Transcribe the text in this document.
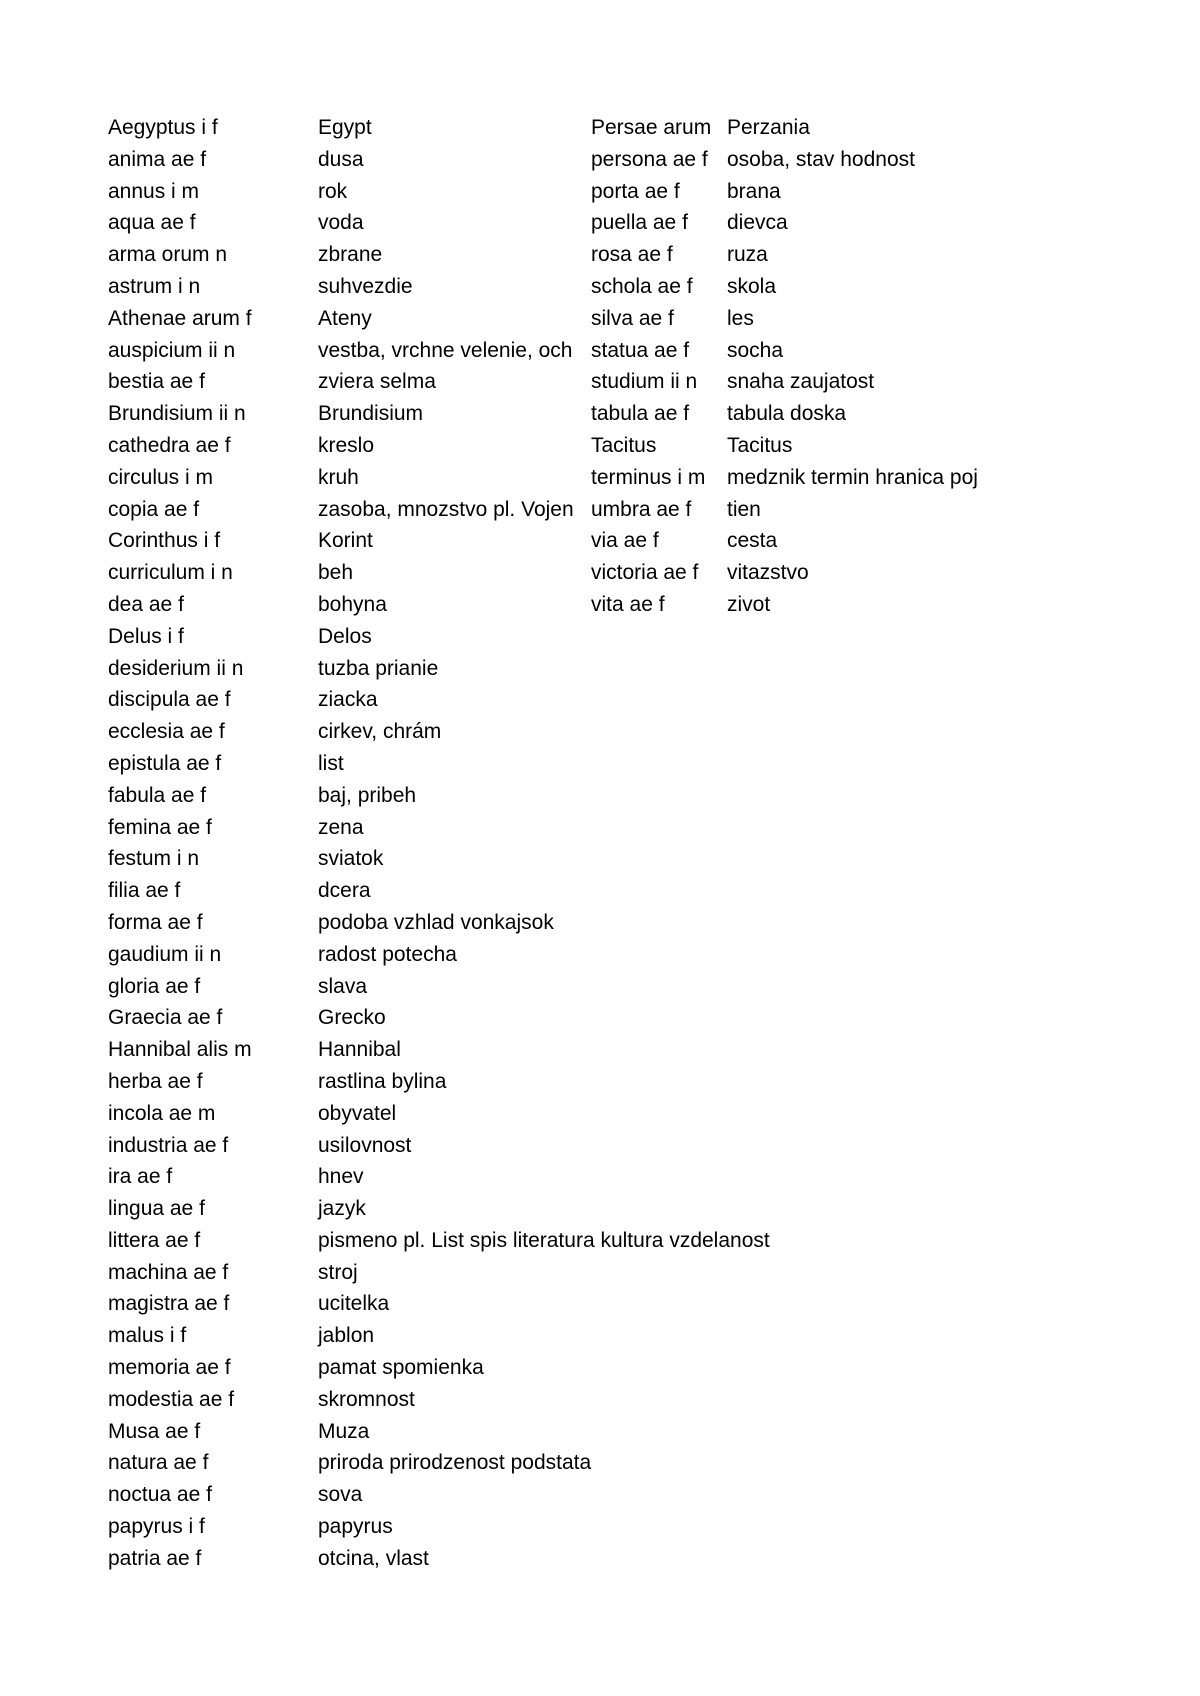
Aegyptus i f
anima ae f
annus i m
aqua ae f
arma orum n
astrum i n
Athenae arum f
auspicium ii n
bestia ae f
Brundisium ii n
cathedra ae f
circulus i m
copia ae f
Corinthus i f
curriculum i n
dea ae f
Delus i f
desiderium ii n
discipula ae f
ecclesia ae f
epistula ae f
fabula ae f
femina ae f
festum i n
filia ae f
forma ae f
gaudium ii n
gloria ae f
Graecia ae f
Hannibal alis m
herba ae f
incola ae m
industria ae f
ira ae f
lingua ae f
littera ae f
machina ae f
magistra ae f
malus i f
memoria ae f
modestia ae f
Musa ae f
natura ae f
noctua ae f
papyrus i f
patria ae f
Egypt
dusa
rok
voda
zbrane
suhvezdie
Ateny
vestba, vrchne velenie, och
zviera selma
Brundisium
kreslo
kruh
zasoba, mnozstvo pl. Vojen
Korint
beh
bohyna
Delos
tuzba prianie
ziacka
cirkev, chrám
list
baj, pribeh
zena
sviatok
dcera
podoba vzhlad vonkajsok
radost potecha
slava
Grecko
Hannibal
rastlina bylina
obyvatel
usilovnost
hnev
jazyk
pismeno pl. List spis literatura kultura vzdelanost
stroj
ucitelka
jablon
pamat spomienka
skromnost
Muza
priroda prirodzenost podstata
sova
papyrus
otcina, vlast
Persae arum
persona ae f
porta ae f
puella ae f
rosa ae f
schola ae f
silva ae f
statua ae f
studium ii n
tabula ae f
Tacitus
terminus i m
umbra ae f
via ae f
victoria ae f
vita ae f
Perzania
osoba, stav hodnost
brana
dievca
ruza
skola
les
socha
snaha zaujatost
tabula doska
Tacitus
medznik termin hranica poj
tien
cesta
vitazstvo
zivot
